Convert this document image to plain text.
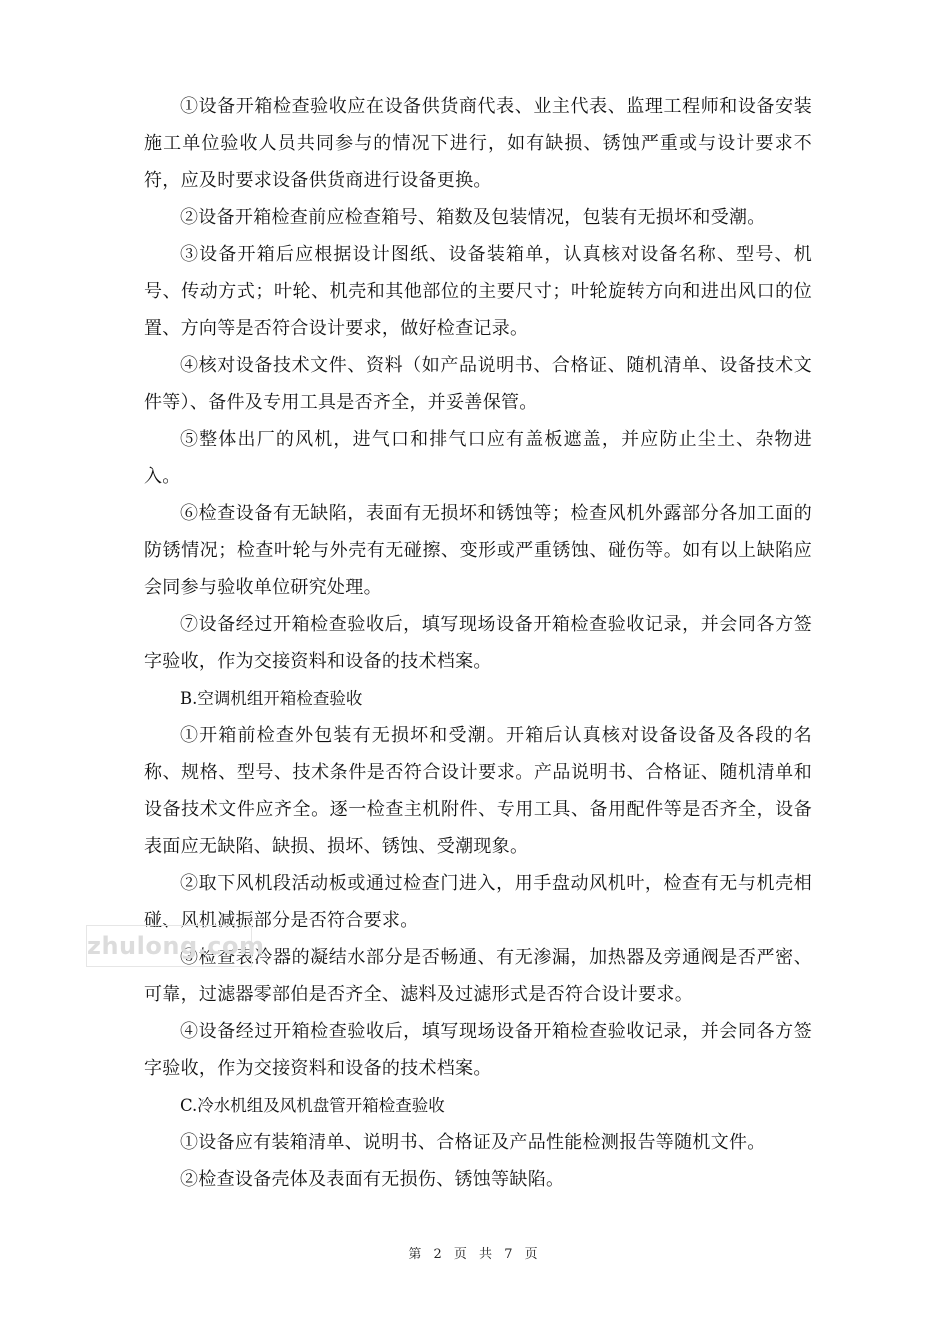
①设备开箱检查验收应在设备供货商代表、业主代表、监理工程师和设备安装施工单位验收人员共同参与的情况下进行，如有缺损、锈蚀严重或与设计要求不符，应及时要求设备供货商进行设备更换。

②设备开箱检查前应检查箱号、箱数及包装情况，包装有无损坏和受潮。

③设备开箱后应根据设计图纸、设备装箱单，认真核对设备名称、型号、机号、传动方式；叶轮、机壳和其他部位的主要尺寸；叶轮旋转方向和进出风口的位置、方向等是否符合设计要求，做好检查记录。

④核对设备技术文件、资料（如产品说明书、合格证、随机清单、设备技术文件等）、备件及专用工具是否齐全，并妥善保管。

⑤整体出厂的风机，进气口和排气口应有盖板遮盖，并应防止尘土、杂物进入。

⑥检查设备有无缺陷，表面有无损坏和锈蚀等；检查风机外露部分各加工面的防锈情况；检查叶轮与外壳有无碰擦、变形或严重锈蚀、碰伤等。如有以上缺陷应会同参与验收单位研究处理。

⑦设备经过开箱检查验收后，填写现场设备开箱检查验收记录，并会同各方签字验收，作为交接资料和设备的技术档案。

B.空调机组开箱检查验收

①开箱前检查外包装有无损坏和受潮。开箱后认真核对设备设备及各段的名称、规格、型号、技术条件是否符合设计要求。产品说明书、合格证、随机清单和设备技术文件应齐全。逐一检查主机附件、专用工具、备用配件等是否齐全，设备表面应无缺陷、缺损、损坏、锈蚀、受潮现象。

②取下风机段活动板或通过检查门进入，用手盘动风机叶，检查有无与机壳相碰、风机减振部分是否符合要求。

③检查表冷器的凝结水部分是否畅通、有无渗漏，加热器及旁通阀是否严密、可靠，过滤器零部伯是否齐全、滤料及过滤形式是否符合设计要求。

④设备经过开箱检查验收后，填写现场设备开箱检查验收记录，并会同各方签字验收，作为交接资料和设备的技术档案。

C.冷水机组及风机盘管开箱检查验收

①设备应有装箱清单、说明书、合格证及产品性能检测报告等随机文件。

②检查设备壳体及表面有无损伤、锈蚀等缺陷。

zhulong.com
第 2 页 共 7 页
